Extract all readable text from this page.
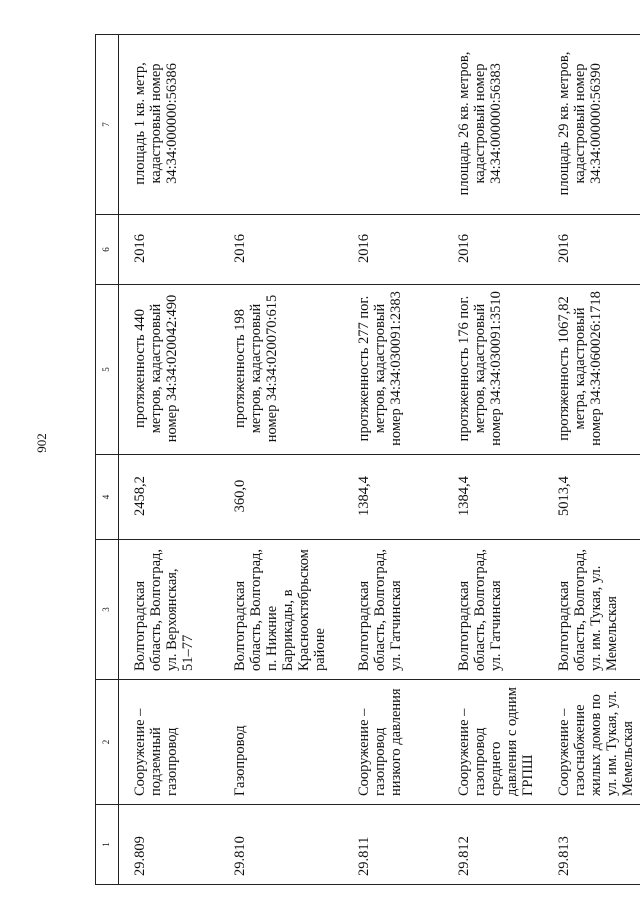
902
1	2	3	4	5	6	7
29.809	Сооружение – подземный газопровод	Волгоградская область, Волгоград, ул. Верхоянская, 51–77	2458,2	протяженность 440 метров, кадастровый номер 34:34:020042:490	2016	площадь 1 кв. метр, кадастровый номер 34:34:000000:56386
29.810	Газопровод	Волгоградская область, Волгоград, п. Нижние Баррикады, в Краснооктябрьском районе	360,0	протяженность 198 метров, кадастровый номер 34:34:020070:615	2016	
29.811	Сооружение – газопровод низкого давления	Волгоградская область, Волгоград, ул. Гатчинская	1384,4	протяженность 277 пог. метров, кадастровый номер 34:34:030091:2383	2016	
29.812	Сооружение – газопровод среднего давления с одним ГРПШ	Волгоградская область, Волгоград, ул. Гатчинская	1384,4	протяженность 176 пог. метров, кадастровый номер 34:34:030091:3510	2016	площадь 26 кв. метров, кадастровый номер 34:34:000000:56383
29.813	Сооружение – газоснабжение жилых домов по ул. им. Тукая, ул. Мемельская	Волгоградская область, Волгоград, ул. им. Тукая, ул. Мемельская	5013,4	протяженность 1067,82 метра, кадастровый номер 34:34:060026:1718	2016	площадь 29 кв. метров, кадастровый номер 34:34:000000:56390
